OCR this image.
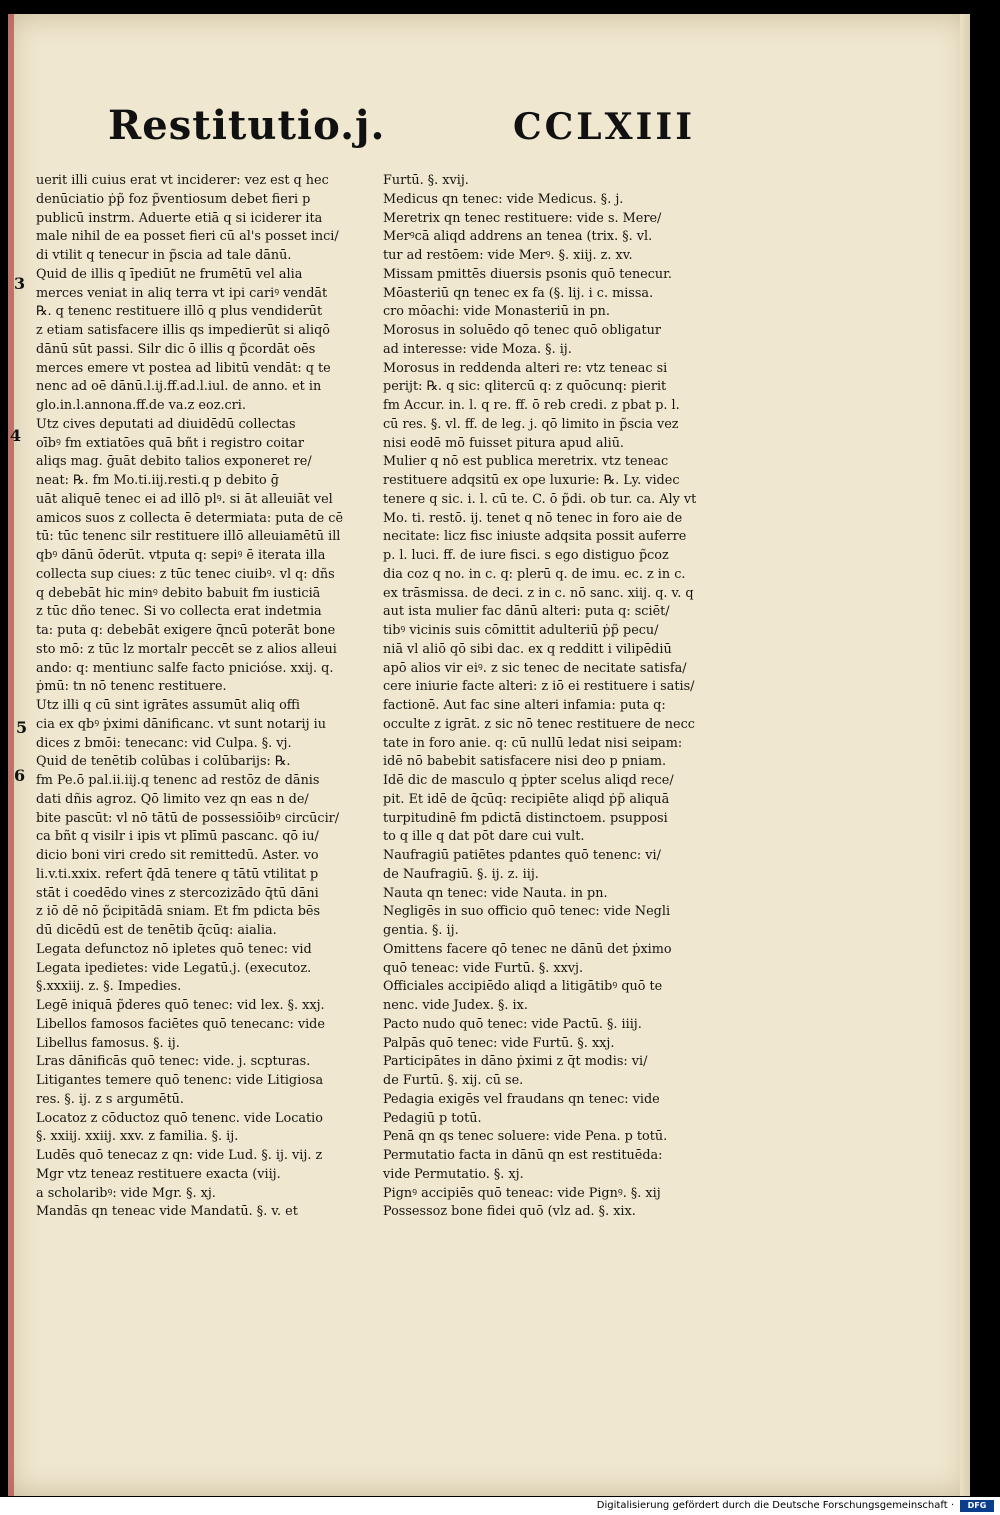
Restitutio.j.	CCLXIII
3
4
5
6
uerit illi cuius erat vt inciderer: vez est q hec
denūciatio ṗp̃ foz p̃ventiosum debet fieri p
publicū instrm. Aduerte etiā q si iciderer ita
male nihil de ea posset fieri cū al's posset inci/
di vtilit q tenecur in p̃scia ad tale dānū.
Quid de illis q īpediūt ne frumētū vel alia
merces veniat in aliq terra vt ipi cariꝰ vendāt
℞. q tenenc restituere illō q plus vendiderūt
z etiam satisfacere illis qs impedierūt si aliqō
dānū sūt passi. Silr dic ō illis q p̃cordāt oēs
merces emere vt postea ad libitū vendāt: q te
nenc ad oē dānū.l.ij.ff.ad.l.iul. de anno. et in
glo.in.l.annona.ff.de va.z eoz.cri.
Utz cives deputati ad diuidēdū collectas
oībꝰ fm extiatōes quā bñt i registro coitar
aliqs mag. ḡuāt debito talios exponeret re/
neat: ℞. fm Mo.ti.iij.resti.q p debito ḡ
uāt aliquē tenec ei ad illō plꝰ. si āt alleuiāt vel
amicos suos z collecta ē determiata: puta de cē
tū: tūc tenenc silr restituere illō alleuiamētū ill
qbꝰ dānū ōderūt. vtputa q: sepiꝰ ē iterata illa
collecta sup ciues: z tūc tenec ciuibꝰ. vl q: dñs
q debebāt hic minꝰ debito babuit fm iusticiā
z tūc dño tenec. Si vo collecta erat indetmia
ta: puta q: debebāt exigere q̄ncū poterāt bone
sto mō: z tūc lz mortalr peccēt se z alios alleui
ando: q: mentiunc salfe facto pnicióse. xxij. q.
ṗmū: tn nō tenenc restituere.
Utz illi q cū sint igrātes assumūt aliq offi
cia ex qbꝰ ṗximi dānificanc. vt sunt notarij iu
dices z bmōi: tenecanc: vid Culpa. §. vj.
Quid de tenētib colūbas i colūbarijs: ℞.
fm Pe.ō pal.ii.iij.q tenenc ad restōz de dānis
dati dñis agroz. Qō limito vez qn eas n de/
bite pascūt: vl nō tātū de possessiōibꝰ circūcir/
ca bñt q visilr i ipis vt plīmū pascanc. qō iu/
dicio boni viri credo sit remittedū. Aster. vo
li.v.ti.xxix. refert q̄dā tenere q tātū vtilitat p
stāt i coedēdo vines z stercozizādo q̄tū dāni
z iō dē nō p̃cipitādā sniam. Et fm pdicta bēs
dū dicēdū est de tenētib q̄cūq: aialia.
Legata defunctoz nō ipletes quō tenec: vid
Legata ipedietes: vide Legatū.j. (executoz.
§.xxxiij. z. §. Impedies.
Legē iniquā p̃deres quō tenec: vid lex. §. xxj.
Libellos famosos faciētes quō tenecanc: vide
Libellus famosus. §. ij.
Lras dānificās quō tenec: vide. j. scpturas.
Litigantes temere quō tenenc: vide Litigiosa
res. §. ij. z s argumētū.
Locatoz z cōductoz quō tenenc. vide Locatio
§. xxiij. xxiij. xxv. z familia. §. ij.
Ludēs quō tenecaz z qn: vide Lud. §. ij. vij. z
Mgr vtz teneaz restituere exacta (viij.
a scholaribꝰ: vide Mgr. §. xj.
Mandās qn teneac vide Mandatū. §. v. et
Furtū. §. xvij.
Medicus qn tenec: vide Medicus. §. j.
Meretrix qn tenec restituere: vide s. Mere/
Merꝰcā aliqd addrens an tenea (trix. §. vl.
tur ad restōem: vide Merꝰ. §. xiij. z. xv.
Missam pmittēs diuersis psonis quō tenecur.
Mōasteriū qn tenec ex fa (§. lij. i c. missa.
cro mōachi: vide Monasteriū in pn.
Morosus in soluēdo qō tenec quō obligatur
ad interesse: vide Moza. §. ij.
Morosus in reddenda alteri re: vtz teneac si
perijt: ℞. q sic: qlitercū q: z quōcunq: pierit
fm Accur. in. l. q re. ff. ō reb credi. z pbat p. l.
cū res. §. vl. ff. de leg. j. qō limito in p̃scia vez
nisi eodē mō fuisset pitura apud aliū.
Mulier q nō est publica meretrix. vtz teneac
restituere adqsitū ex ope luxurie: ℞. Ly. videc
tenere q sic. i. l. cū te. C. ō p̃di. ob tur. ca. Aly vt
Mo. ti. restō. ij. tenet q nō tenec in foro aie de
necitate: licz fisc iniuste adqsita possit auferre
p. l. luci. ff. de iure fisci. s ego distiguo p̃coz
dia coz q no. in c. q: plerū q. de imu. ec. z in c.
ex trāsmissa. de deci. z in c. nō sanc. xiij. q. v. q
aut ista mulier fac dānū alteri: puta q: sciēt/
tibꝰ vicinis suis cōmittit adulteriū ṗp̃ pecu/
niā vl aliō qō sibi dac. ex q redditt i vilipēdiū
apō alios vir eiꝰ. z sic tenec de necitate satisfa/
cere iniurie facte alteri: z iō ei restituere i satis/
factionē. Aut fac sine alteri infamia: puta q:
occulte z igrāt. z sic nō tenec restituere de necc
tate in foro anie. q: cū nullū ledat nisi seipam:
idē nō babebit satisfacere nisi deo p pniam.
Idē dic de masculo q ṗpter scelus aliqd rece/
pit. Et idē de q̄cūq: recipiēte aliqd ṗp̃ aliquā
turpitudinē fm pdictā distinctoem. psupposi
to q ille q dat pōt dare cui vult.
Naufragiū patiētes pdantes quō tenenc: vi/
de Naufragiū. §. ij. z. iij.
Nauta qn tenec: vide Nauta. in pn.
Negligēs in suo officio quō tenec: vide Negli
gentia. §. ij.
Omittens facere qō tenec ne dānū det ṗximo
quō teneac: vide Furtū. §. xxvj.
Officiales accipiēdo aliqd a litigātibꝰ quō te
nenc. vide Judex. §. ix.
Pacto nudo quō tenec: vide Pactū. §. iiij.
Palpās quō tenec: vide Furtū. §. xxj.
Participātes in dāno ṗximi z q̄t modis: vi/
de Furtū. §. xij. cū se.
Pedagia exigēs vel fraudans qn tenec: vide
Pedagiū p totū.
Penā qn qs tenec soluere: vide Pena. p totū.
Permutatio facta in dānū qn est restituēda:
vide Permutatio. §. xj.
Pignꝰ accipiēs quō teneac: vide Pignꝰ. §. xij
Possessoz bone fidei quō (vlz ad. §. xix.
Digitalisierung gefördert durch die Deutsche Forschungsgemeinschaft ·	DFG
